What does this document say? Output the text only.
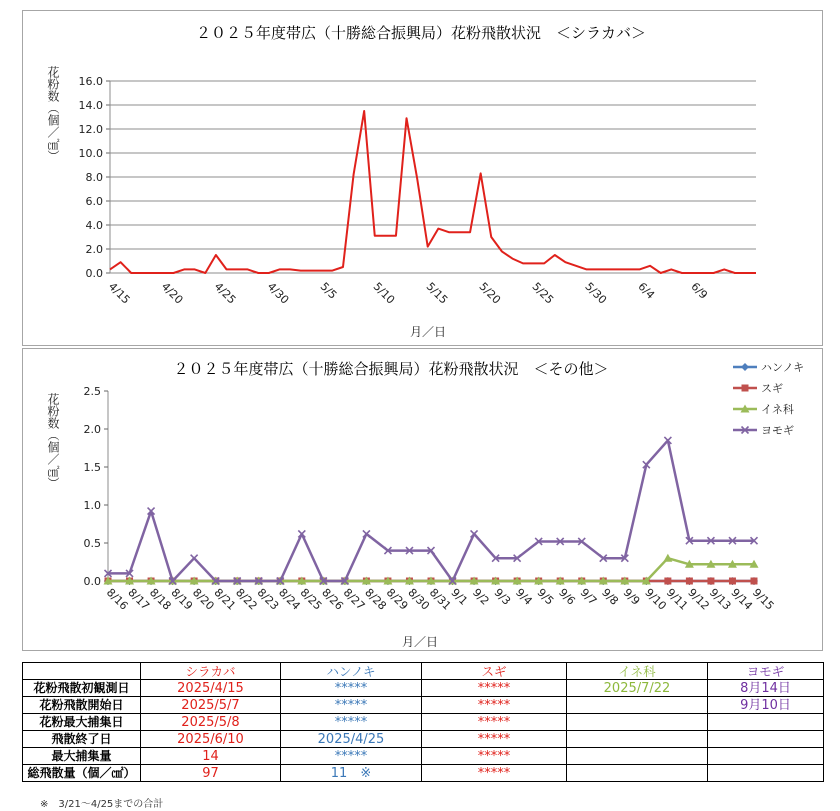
２０２５年度帯広（十勝総合振興局）花粉飛散状況　＜シラカバ＞
花粉数（個／㎠）
月／日
0.0
2.0
4.0
6.0
8.0
10.0
12.0
14.0
16.0
4/15 4/20 4/25 4/30 5/5	5/10 5/15 5/20 5/25 5/30 6/4	6/9
２０２５年度帯広（十勝総合振興局）花粉飛散状況　＜その他＞
花粉数（個／㎠）
月／日
0.0
0.5
1.0
1.5
2.0
2.5
8/16
8/17
8/18
8/19
8/20
8/21
8/22
8/23
8/24
8/25
8/26
8/27
8/28
8/29
8/30
8/31
9/1 9/2 9/3 9/4 9/5 9/6 9/7 9/8 9/9 9/10
9/11
9/12
9/13
9/14
9/15
ハンノキ
スギ
イネ科
ヨモギ
	シラカバ	ハンノキ	スギ	イネ科	ヨモギ
花粉飛散初観測日	2025/4/15	*****	*****	2025/7/22	8月14日
花粉飛散開始日	2025/5/7	*****	*****		9月10日
花粉最大捕集日	2025/5/8	*****	*****		
飛散終了日	2025/6/10	2025/4/25	*****		
最大捕集量	14	*****	*****		
総飛散量（個／㎠）	97	11　※	*****		
※　3/21～4/25までの合計
